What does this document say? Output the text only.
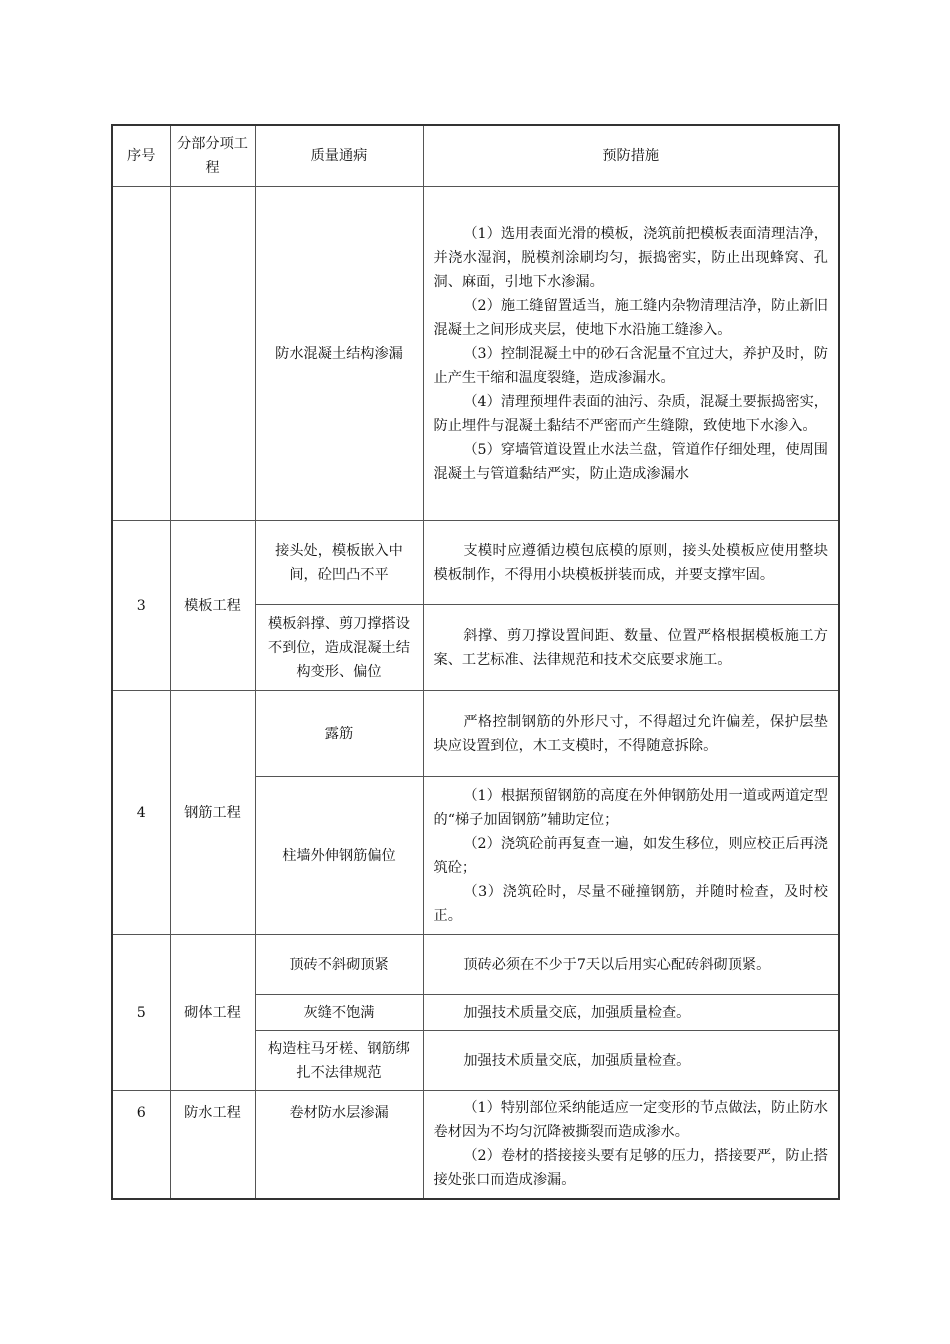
序号	分部分项工程	质量通病	预防措施
		防水混凝土结构渗漏	（1）选用表面光滑的模板，浇筑前把模板表面清理洁净，并浇水湿润，脱模剂涂刷均匀，振捣密实，防止出现蜂窝、孔洞、麻面，引地下水渗漏。

（2）施工缝留置适当，施工缝内杂物清理洁净，防止新旧混凝土之间形成夹层，使地下水沿施工缝渗入。

（3）控制混凝土中的砂石含泥量不宜过大，养护及时，防止产生干缩和温度裂缝，造成渗漏水。

（4）清理预埋件表面的油污、杂质，混凝土要振捣密实，防止埋件与混凝土黏结不严密而产生缝隙，致使地下水渗入。

（5）穿墙管道设置止水法兰盘，管道作仔细处理，使周围混凝土与管道黏结严实，防止造成渗漏水

3	模板工程	接头处，模板嵌入中间，砼凹凸不平	支模时应遵循边模包底模的原则，接头处模板应使用整块模板制作，不得用小块模板拼装而成，并要支撑牢固。

		模板斜撑、剪刀撑搭设不到位，造成混凝土结构变形、偏位	斜撑、剪刀撑设置间距、数量、位置严格根据模板施工方案、工艺标准、法律规范和技术交底要求施工。

4	钢筋工程	露筋	严格控制钢筋的外形尺寸，不得超过允许偏差，保护层垫块应设置到位，木工支模时，不得随意拆除。

		柱墙外伸钢筋偏位	（1）根据预留钢筋的高度在外伸钢筋处用一道或两道定型的“梯子加固钢筋”辅助定位；

（2）浇筑砼前再复查一遍，如发生移位，则应校正后再浇筑砼；

（3）浇筑砼时，尽量不碰撞钢筋，并随时检查，及时校正。

5	砌体工程	顶砖不斜砌顶紧	顶砖必须在不少于7天以后用实心配砖斜砌顶紧。

		灰缝不饱满	加强技术质量交底，加强质量检查。

		构造柱马牙槎、钢筋绑扎不法律规范	加强技术质量交底，加强质量检查。

6	防水工程	卷材防水层渗漏	（1）特别部位采纳能适应一定变形的节点做法，防止防水卷材因为不均匀沉降被撕裂而造成渗水。

（2）卷材的搭接接头要有足够的压力，搭接要严，防止搭接处张口而造成渗漏。
